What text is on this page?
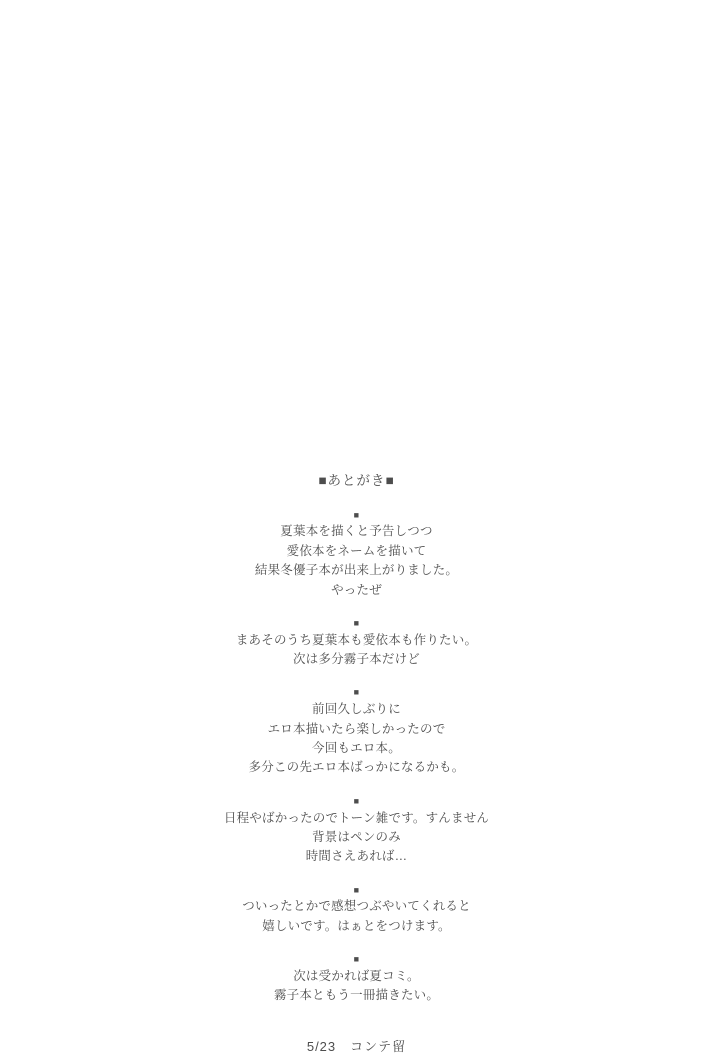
■あとがき■
■

夏葉本を描くと予告しつつ

愛依本をネームを描いて

結果冬優子本が出来上がりました。

やったぜ

■

まあそのうち夏葉本も愛依本も作りたい。

次は多分霧子本だけど

■

前回久しぶりに

エロ本描いたら楽しかったので

今回もエロ本。

多分この先エロ本ばっかになるかも。

■

日程やばかったのでトーン雑です。すんません

背景はペンのみ

時間さえあれば…

■

ついったとかで感想つぶやいてくれると

嬉しいです。はぁとをつけます。

■

次は受かれば夏コミ。

霧子本ともう一冊描きたい。

5/23　コンテ留
